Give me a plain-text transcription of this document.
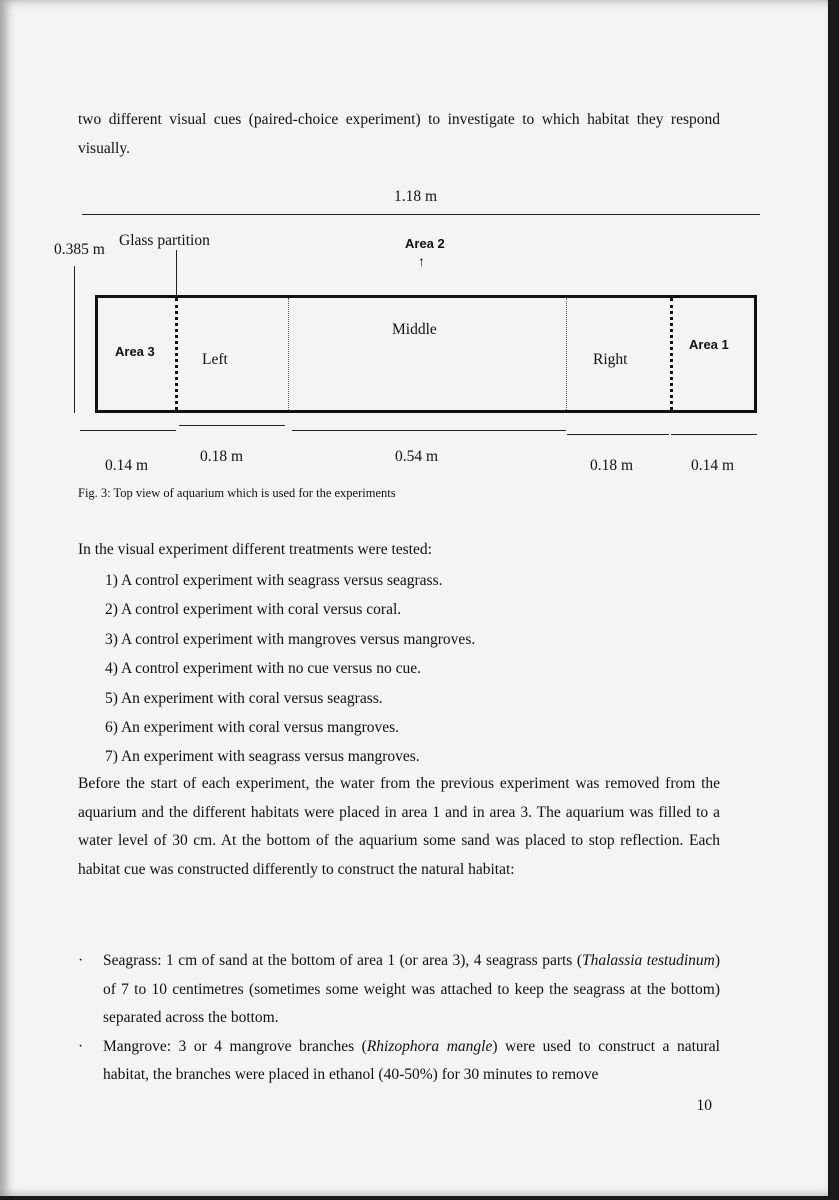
two different visual cues (paired-choice experiment) to investigate to which habitat they respond visually.

1.18 m
0.385 m
Glass partition	Area 2
↑
Area 3	Area 1
Left
Middle
Right
0.14 m
0.18 m	0.54 m
0.18 m	0.14 m
Fig. 3: Top view of aquarium which is used for the experiments

In the visual experiment different treatments were tested:

1) A control experiment with seagrass versus seagrass.
2) A control experiment with coral versus coral.
3) A control experiment with mangroves versus mangroves.
4) A control experiment with no cue versus no cue.
5) An experiment with coral versus seagrass.
6) An experiment with coral versus mangroves.
7) An experiment with seagrass versus mangroves.

Before the start of each experiment, the water from the previous experiment was removed from the aquarium and the different habitats were placed in area 1 and in area 3. The aquarium was filled to a water level of 30 cm. At the bottom of the aquarium some sand was placed to stop reflection. Each habitat cue was constructed differently to construct the natural habitat:

· Seagrass: 1 cm of sand at the bottom of area 1 (or area 3), 4 seagrass parts (Thalassia testudinum) of 7 to 10 centimetres (sometimes some weight was attached to keep the seagrass at the bottom) separated across the bottom.
· Mangrove: 3 or 4 mangrove branches (Rhizophora mangle) were used to construct a natural habitat, the branches were placed in ethanol (40-50%) for 30 minutes to remove
10
